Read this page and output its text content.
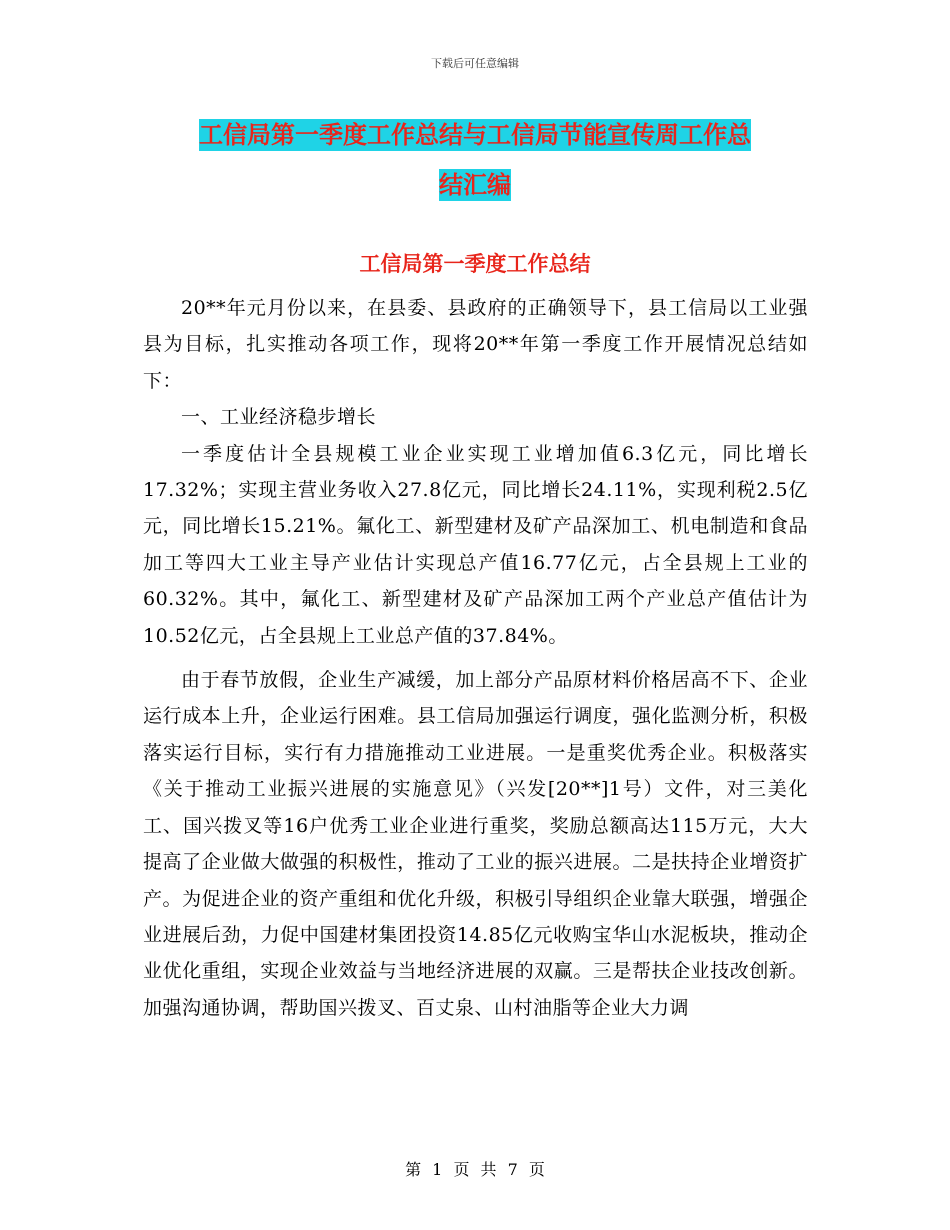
下载后可任意编辑
工信局第一季度工作总结与工信局节能宣传周工作总
结汇编
工信局第一季度工作总结

20**年元月份以来，在县委、县政府的正确领导下，县工信局以工业强县为目标，扎实推动各项工作，现将20**年第一季度工作开展情况总结如下：

一、工业经济稳步增长

一季度估计全县规模工业企业实现工业增加值6.3亿元，同比增长17.32%；实现主营业务收入27.8亿元，同比增长24.11%，实现利税2.5亿元，同比增长15.21%。氟化工、新型建材及矿产品深加工、机电制造和食品加工等四大工业主导产业估计实现总产值16.77亿元，占全县规上工业的60.32%。其中，氟化工、新型建材及矿产品深加工两个产业总产值估计为10.52亿元，占全县规上工业总产值的37.84%。

由于春节放假，企业生产减缓，加上部分产品原材料价格居高不下、企业运行成本上升，企业运行困难。县工信局加强运行调度，强化监测分析，积极落实运行目标，实行有力措施推动工业进展。一是重奖优秀企业。积极落实《关于推动工业振兴进展的实施意见》（兴发[20**]1号）文件，对三美化工、国兴拨叉等16户优秀工业企业进行重奖，奖励总额高达115万元，大大提高了企业做大做强的积极性，推动了工业的振兴进展。二是扶持企业增资扩产。为促进企业的资产重组和优化升级，积极引导组织企业靠大联强，增强企业进展后劲，力促中国建材集团投资14.85亿元收购宝华山水泥板块，推动企业优化重组，实现企业效益与当地经济进展的双赢。三是帮扶企业技改创新。加强沟通协调，帮助国兴拨叉、百丈泉、山村油脂等企业大力调

第 1 页 共 7 页
